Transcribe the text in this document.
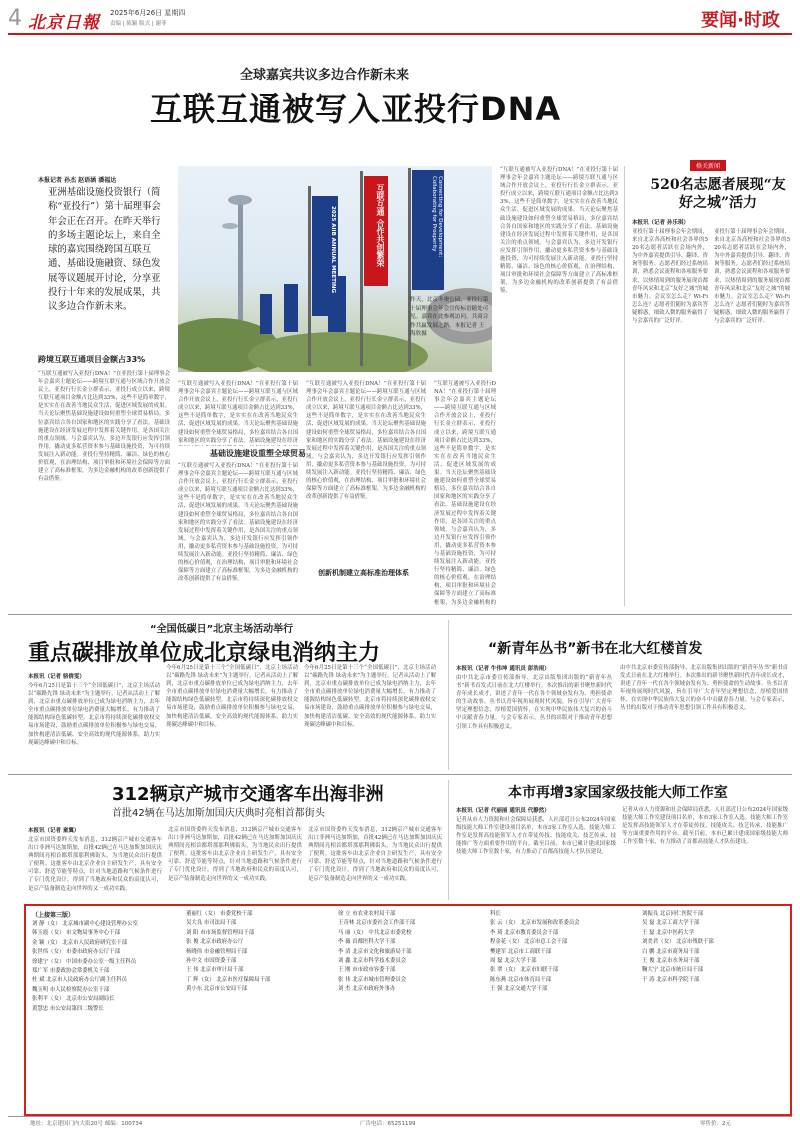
4 北京日報 2025年6月26日 星期四
责编 | 陈颖 版式 | 谢菲	要闻·时政
全球嘉宾共议多边合作新未来
互联互通被写入亚投行DNA
本报记者 孙杰 赵语涵 潘福达
亚洲基础设施投资银行（简称“亚投行”）第十届理事会年会正在召开。在昨天举行的多场主题论坛上，来自全球的嘉宾围绕跨国互联互通、基础设施融资、绿色发展等议题展开讨论，分享亚投行十年来的发展成果，共议多边合作新未来。
跨境互联互通项目金额占33%
“互联互通被写入亚投行DNA！”在亚投行第十届理事会年会嘉宾主题论坛——跨境互联互通与区域合作开放会议上，亚投行行长金立群表示，亚投行成立以来，跨境互联互通项目金额占比达到33%，这些不是简单数字，是实实在在改善当地民众生活、促进区域发展的成果。当天论坛聚焦基础设施建设如何重塑全球贸易格局，多位嘉宾结合各自国家和地区的实践分享了看法。基础设施建设在经济发展过程中发挥着关键作用，是各国关注的重点领域。与会嘉宾认为，多边开发银行应发挥引领作用，撬动更多私营资本参与基础设施投资，为可持续发展注入新动能。亚投行坚持精简、廉洁、绿色的核心价值观，在治理结构、项目审批和环境社会保障等方面建立了高标准框架，为多边金融机构的改革创新提供了有益借鉴。
2025 AIIB ANNUAL MEETING	互联互通 合作共创繁荣	Connecting for Development: Collaborating for Prosperity
昨天，北京冬奥公园，亚投行第十届理事会年会宣传标语随处可见。嘉宾在此参观访问，共商合作共赢发展之路。本报记者 王海欣摄
基础设施建设重塑全球贸易
“互联互通被写入亚投行DNA！”在亚投行第十届理事会年会嘉宾主题论坛——跨境互联互通与区域合作开放会议上，亚投行行长金立群表示，亚投行成立以来，跨境互联互通项目金额占比达到33%，这些不是简单数字，是实实在在改善当地民众生活、促进区域发展的成果。当天论坛聚焦基础设施建设如何重塑全球贸易格局，多位嘉宾结合各自国家和地区的实践分享了看法。基础设施建设在经济
“互联互通被写入亚投行DNA！”在亚投行第十届理事会年会嘉宾主题论坛——跨境互联互通与区域合作开放会议上，亚投行行长金立群表示，亚投行成立以来，跨境互联互通项目金额占比达到33%，这些不是简单数字，是实实在在改善当地民众生活、促进区域发展的成果。当天论坛聚焦基础设施建设如何重塑全球贸易格局，多位嘉宾结合各自国家和地区的实践分享了看法。基础设施建设在经济发展过程中发挥着关键作用，是各国关注的重点领域。与会嘉宾认为，多边开发银行应发挥引领作用，撬动更多私营资本参与基础设施投资，为可持续发展注入新动能。亚投行坚持精简、廉洁、绿色的核心价值观，在治理结构、项目审批和环境社会保障等方面建立了高标准框架，为多边金融机构的改革创新提供了有益借鉴。
“互联互通被写入亚投行DNA！”在亚投行第十届理事会年会嘉宾主题论坛——跨境互联互通与区域合作开放会议上，亚投行行长金立群表示，亚投行成立以来，跨境互联互通项目金额占比达到33%，这些不是简单数字，是实实在在改善当地民众生活、促进区域发展的成果。当天论坛聚焦基础设施建设如何重塑全球贸易格局，多位嘉宾结合各自国家和地区的实践分享了看法。基础设施建设在经济发展过程中发挥着关键作用，是各国关注的重点领域。与会嘉宾认为，多边开发银行应发挥引领作用，撬动更多私营资本参与基础设施投资，为可持续发展注入新动能。亚投行坚持精简、廉洁、绿色的核心价值观，在治理结构、项目审批和环境社会保障等方面建立了高标准框架，为多边金融机构的改革创新提供了有益借鉴。
创新机制建立高标准治理体系
“互联互通被写入亚投行DNA！”在亚投行第十届理事会年会嘉宾主题论坛——跨境互联互通与区域合作开放会议上，亚投行行长金立群表示，亚投行成立以来，跨境互联互通项目金额占比达到33%，这些不是简单数字，是实实在在改善当地民众生活、促进区域发展的成果。当天论坛聚焦基础设施建设如何重塑全球贸易格局，多位嘉宾结合各自国家和地区的实践分享了看法。基础设施建设在经济发展过程中发挥着关键作用，是各国关注的重点领域。与会嘉宾认为，多边开发银行应发挥引领作用，撬动更多私营资本参与基础设施投资，为可持续发展注入新动能。亚投行坚持精简、廉洁、绿色的核心价值观，在治理结构、项目审批和环境社会保障等方面建立了高标准框架，为多边金融机构的
“互联互通被写入亚投行DNA！”在亚投行第十届理事会年会嘉宾主题论坛——跨境互联互通与区域合作开放会议上，亚投行行长金立群表示，亚投行成立以来，跨境互联互通项目金额占比达到33%，这些不是简单数字，是实实在在改善当地民众生活、促进区域发展的成果。当天论坛聚焦基础设施建设如何重塑全球贸易格局，多位嘉宾结合各自国家和地区的实践分享了看法。基础设施建设在经济发展过程中发挥着关键作用，是各国关注的重点领域。与会嘉宾认为，多边开发银行应发挥引领作用，撬动更多私营资本参与基础设施投资，为可持续发展注入新动能。亚投行坚持精简、廉洁、绿色的核心价值观，在治理结构、项目审批和环境社会保障等方面建立了高标准框架，为多边金融机构的改革创新提供了有益借鉴。
格关新闻
520名志愿者展现“友好之城”活力
本报讯（记者 孙乐琪）
亚投行第十届理事会年会期间，来自北京各高校和社会各界的520名志愿者活跃在会场内外，为中外嘉宾提供引导、翻译、咨询等服务。志愿者们经过系统培训，熟悉会议流程和各项服务要求，以热情周到的服务展现首都青年风采和北京“友好之城”的城市魅力。会议室怎么走？Wi-Fi怎么连？志愿者们随时为嘉宾答疑解惑，细致入微的服务赢得了与会嘉宾的广泛好评。
亚投行第十届理事会年会期间，来自北京各高校和社会各界的520名志愿者活跃在会场内外，为中外嘉宾提供引导、翻译、咨询等服务。志愿者们经过系统培训，熟悉会议流程和各项服务要求，以热情周到的服务展现首都青年风采和北京“友好之城”的城市魅力。会议室怎么走？Wi-Fi怎么连？志愿者们随时为嘉宾答疑解惑，细致入微的服务赢得了与会嘉宾的广泛好评。
“全国低碳日”北京主场活动举行
重点碳排放单位成北京绿电消纳主力
本报讯（记者 骆倩雯）
今年6月25日是第十三个“全国低碳日”，北京主场活动以“碳路先锋 绿动未来”为主题举行。记者从活动上了解到，北京市重点碳排放单位已成为绿电消纳主力，去年全市重点碳排放单位绿电消费量大幅增长，有力推动了能源结构绿色低碳转型。北京市将持续深化碳排放权交易市场建设，鼓励重点碳排放单位积极参与绿电交易，加快构建清洁低碳、安全高效的现代能源体系，助力实现碳达峰碳中和目标。
今年6月25日是第十三个“全国低碳日”，北京主场活动以“碳路先锋 绿动未来”为主题举行。记者从活动上了解到，北京市重点碳排放单位已成为绿电消纳主力，去年全市重点碳排放单位绿电消费量大幅增长，有力推动了能源结构绿色低碳转型。北京市将持续深化碳排放权交易市场建设，鼓励重点碳排放单位积极参与绿电交易，加快构建清洁低碳、安全高效的现代能源体系，助力实现碳达峰碳中和目标。
今年6月25日是第十三个“全国低碳日”，北京主场活动以“碳路先锋 绿动未来”为主题举行。记者从活动上了解到，北京市重点碳排放单位已成为绿电消纳主力，去年全市重点碳排放单位绿电消费量大幅增长，有力推动了能源结构绿色低碳转型。北京市将持续深化碳排放权交易市场建设，鼓励重点碳排放单位积极参与绿电交易，加快构建清洁低碳、安全高效的现代能源体系，助力实现碳达峰碳中和目标。
“新青年丛书”新书在北大红楼首发
本报讯（记者 牛伟坤 通讯员 彭浩雨）
由中共北京市委宣传部指导、北京出版集团出版的“新青年丛书”新书首发式日前在北大红楼举行。本次推出的新书聚焦新时代青年成长成才，讲述了青年一代在各个领域奋发有为、勇担使命的生动故事。丛书以青年视角展现时代风貌，旨在引导广大青年坚定理想信念，厚植爱国情怀，在实现中华民族伟大复兴的奋斗中贡献青春力量。与会专家表示，丛书的出版对于推动青年思想引领工作具有积极意义。
由中共北京市委宣传部指导、北京出版集团出版的“新青年丛书”新书首发式日前在北大红楼举行。本次推出的新书聚焦新时代青年成长成才，讲述了青年一代在各个领域奋发有为、勇担使命的生动故事。丛书以青年视角展现时代风貌，旨在引导广大青年坚定理想信念，厚植爱国情怀，在实现中华民族伟大复兴的奋斗中贡献青春力量。与会专家表示，丛书的出版对于推动青年思想引领工作具有积极意义。
312辆京产城市交通客车出海非洲
首批42辆在马达加斯加国庆庆典时亮相首都街头
本报讯（记者 童翼）
北京市国资委昨天发布消息，312辆京产城市交通客车出口非洲马达加斯加，首批42辆已在马达加斯加国庆庆典期间亮相首都塔那那利佛街头，为当地民众出行提供了便利。这批客车由北京企业自主研发生产，具有安全可靠、舒适节能等特点，针对当地道路和气候条件进行了专门优化设计，得到了当地政府和民众的高度认可，是京产装备制造走向世界的又一成功实践。
北京市国资委昨天发布消息，312辆京产城市交通客车出口非洲马达加斯加，首批42辆已在马达加斯加国庆庆典期间亮相首都塔那那利佛街头，为当地民众出行提供了便利。这批客车由北京企业自主研发生产，具有安全可靠、舒适节能等特点，针对当地道路和气候条件进行了专门优化设计，得到了当地政府和民众的高度认可，是京产装备制造走向世界的又一成功实践。
北京市国资委昨天发布消息，312辆京产城市交通客车出口非洲马达加斯加，首批42辆已在马达加斯加国庆庆典期间亮相首都塔那那利佛街头，为当地民众出行提供了便利。这批客车由北京企业自主研发生产，具有安全可靠、舒适节能等特点，针对当地道路和气候条件进行了专门优化设计，得到了当地政府和民众的高度认可，是京产装备制造走向世界的又一成功实践。
本市再增3家国家级技能大师工作室
本报讯（记者 代丽丽 通讯员 代静然）
记者从市人力资源和社会保障局获悉，人社部近日公布2024年国家级技能大师工作室建设项目名单，本市3家工作室入选。技能大师工作室是发挥高技能领军人才在带徒传技、技能攻关、技艺传承、技能推广等方面重要作用的平台。截至目前，本市已累计建成国家级技能大师工作室数十家，有力推动了首都高技能人才队伍建设。
记者从市人力资源和社会保障局获悉，人社部近日公布2024年国家级技能大师工作室建设项目名单，本市3家工作室入选。技能大师工作室是发挥高技能领军人才在带徒传技、技能攻关、技艺传承、技能推广等方面重要作用的平台。截至目前，本市已累计建成国家级技能大师工作室数十家，有力推动了首都高技能人才队伍建设。
（上接第三版）
刘 静（女） 北京城市副中心建设管理办公室
韩玉霞（女） 市文物局事务中心干部
金 颖（女） 北京市人民政府研究室干部
张世伟（女） 市委市政府办公厅干部
徐建宁（女） 中国市委办公室一级主任科员
郑广军 市委政协会常委机关干部
杜 斌 北京市人民政府办公厅副主任科员
魏玉明 市人民检察院办公室干部
张利平（女） 北京市公安局副局长
黄慧忠 市公安局第四二级警长
董丽红（女） 市委党校干部
吴大良 市司法局干部
刘 阳 市市场监督管理局干部
张 俊 北京市政府办公厅
杨晓伟 市金融管理局干部
孙中文 市国资委干部
王 伟 北京市审计局干部
丁 辉（女） 北京市医疗保障局干部
黄小东 北京市公安局干部
徐 立 市农业农村局干部
王奇林 北京市委社会工作部干部
马 丽（女） 中共北京市委党校
李 薇 首都医科大学干部
李 清 北京市文化和旅游局干部
刘 鑫 北京市科学技术委员会
王 刚 市市政市容委干部
张 伟 北京市城市管理委员会
刘 杰 北京市政府外事办
科长
张 云（女） 北京市发展和改革委员会
李 琦 北京市教育委员会干部
程金花（女） 北京市总工会干部
樊建军 北京市工商联干部
周 磊 北京大学干部
张 翠（女） 北京市妇联干部
陈东燕 北京市体育局干部
王 强 北京交通大学干部
刘振良 北京同仁医院干部
吴 磊 北京工商大学干部
王 磊 北京中医药大学
刘美君（女） 北京市残联干部
白 鹏 北京市商务局干部
王 俊 北京市水务局干部
鞠大宁 北京市统计局干部
于 涛 北京市科学院干部
地址：北京建国门内大街20号 邮编：100734	广告电话：65251199	零售价：2元
